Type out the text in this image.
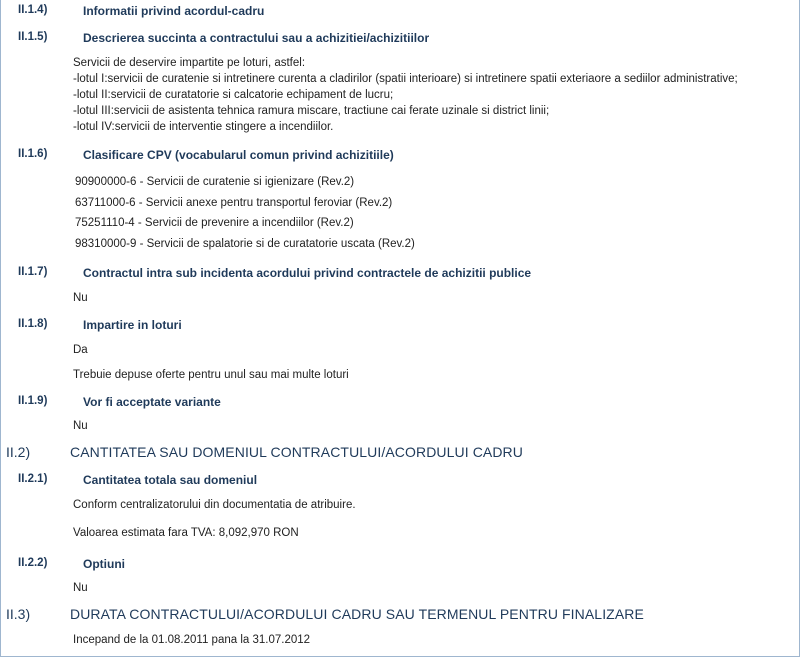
II.1.4)	Informatii privind acordul-cadru
II.1.5)	Descrierea succinta a contractului sau a achizitiei/achizitiilor
Servicii de deservire impartite pe loturi, astfel:
-lotul I:servicii de curatenie si intretinere curenta a cladirilor (spatii interioare) si intretinere spatii exteriaore a sediilor administrative;
-lotul II:servicii de curatatorie si calcatorie echipament de lucru;
-lotul III:servicii de asistenta tehnica ramura miscare, tractiune cai ferate uzinale si district linii;
-lotul IV:servicii de interventie stingere a incendiilor.
II.1.6)	Clasificare CPV (vocabularul comun privind achizitiile)
90900000-6 - Servicii de curatenie si igienizare (Rev.2)
63711000-6 - Servicii anexe pentru transportul feroviar (Rev.2)
75251110-4 - Servicii de prevenire a incendiilor (Rev.2)
98310000-9 - Servicii de spalatorie si de curatatorie uscata (Rev.2)
II.1.7)	Contractul intra sub incidenta acordului privind contractele de achizitii publice
Nu
II.1.8)	Impartire in loturi
Da
Trebuie depuse oferte pentru unul sau mai multe loturi
II.1.9)	Vor fi acceptate variante
Nu
II.2)	CANTITATEA SAU DOMENIUL CONTRACTULUI/ACORDULUI CADRU
II.2.1)	Cantitatea totala sau domeniul
Conform centralizatorului din documentatia de atribuire.
Valoarea estimata fara TVA: 8,092,970 RON
II.2.2)	Optiuni
Nu
II.3)	DURATA CONTRACTULUI/ACORDULUI CADRU SAU TERMENUL PENTRU FINALIZARE
Incepand de la 01.08.2011 pana la 31.07.2012
